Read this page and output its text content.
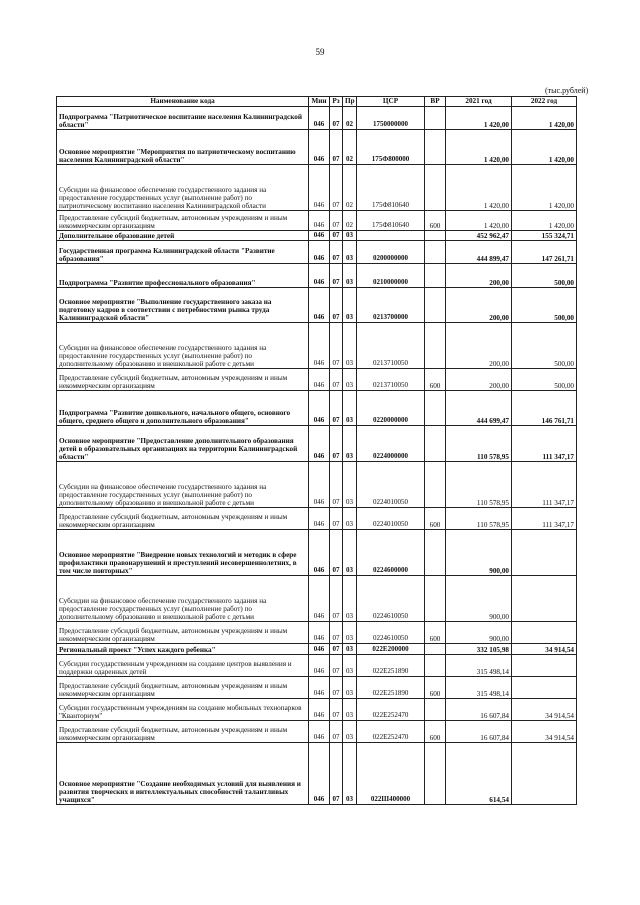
59
(тыс.рублей)
Наименование кода	Мин	Рз	Пр	ЦСР	ВР	2021 год	2022 год
Подпрограмма "Патриотическое воспитание населения Калининградской области"	046	07	02	1750000000		1 420,00	1 420,00
Основное мероприятие "Мероприятия по патриотическому воспитанию населения Калининградской области"	046	07	02	175Ф800000		1 420,00	1 420,00
Субсидии на финансовое обеспечение государственного задания на предоставление государственных услуг (выполнение работ) по патриотическому воспитанию населения Калининградской области	046	07	02	175Ф810640		1 420,00	1 420,00
Предоставление субсидий бюджетным, автономным учреждениям и иным некоммерческим организациям	046	07	02	175Ф810640	600	1 420,00	1 420,00
Дополнительное образование детей	046	07	03			452 962,47	155 324,71
Государственная программа Калининградской области "Развитие образования"	046	07	03	0200000000		444 899,47	147 261,71
Подпрограмма "Развитие профессионального образования"	046	07	03	0210000000		200,00	500,00
Основное мероприятие "Выполнение государственного заказа на подготовку кадров в соответствии с потребностями рынка труда Калининградской области"	046	07	03	0213700000		200,00	500,00
Субсидии на финансовое обеспечение государственного задания на предоставление государственных услуг (выполнение работ) по дополнительному образованию и внешкольной работе с детьми	046	07	03	0213710050		200,00	500,00
Предоставление субсидий бюджетным, автономным учреждениям и иным некоммерческим организациям	046	07	03	0213710050	600	200,00	500,00
Подпрограмма "Развитие дошкольного, начального общего, основного общего, среднего общего и дополнительного образования"	046	07	03	0220000000		444 699,47	146 761,71
Основное мероприятие "Предоставление дополнительного образования детей в образовательных организациях на территории Калининградской области"	046	07	03	0224000000		110 578,95	111 347,17
Субсидии на финансовое обеспечение государственного задания на предоставление государственных услуг (выполнение работ) по дополнительному образованию и внешкольной работе с детьми	046	07	03	0224010050		110 578,95	111 347,17
Предоставление субсидий бюджетным, автономным учреждениям и иным некоммерческим организациям	046	07	03	0224010050	600	110 578,95	111 347,17
Основное мероприятие "Внедрение новых технологий и методик в сфере профилактики правонарушений и преступлений несовершеннолетних, в том числе повторных"	046	07	03	0224600000		900,00	
Субсидии на финансовое обеспечение государственного задания на предоставление государственных услуг (выполнение работ) по дополнительному образованию и внешкольной работе с детьми	046	07	03	0224610050		900,00	
Предоставление субсидий бюджетным, автономным учреждениям и иным некоммерческим организациям	046	07	03	0224610050	600	900,00	
Региональный проект "Успех каждого ребенка"	046	07	03	022E200000		332 105,98	34 914,54
Субсидии государственным учреждениям на создание центров выявления и поддержки одаренных детей	046	07	03	022E251890		315 498,14	
Предоставление субсидий бюджетным, автономным учреждениям и иным некоммерческим организациям	046	07	03	022E251890	600	315 498,14	
Субсидии государственным учреждениям на создание мобильных технопарков "Кванториум"	046	07	03	022E252470		16 607,84	34 914,54
Предоставление субсидий бюджетным, автономным учреждениям и иным некоммерческим организациям	046	07	03	022E252470	600	16 607,84	34 914,54
Основное мероприятие "Создание необходимых условий для выявления и развития творческих и интеллектуальных способностей талантливых учащихся"	046	07	03	022Ш400000		614,54	
